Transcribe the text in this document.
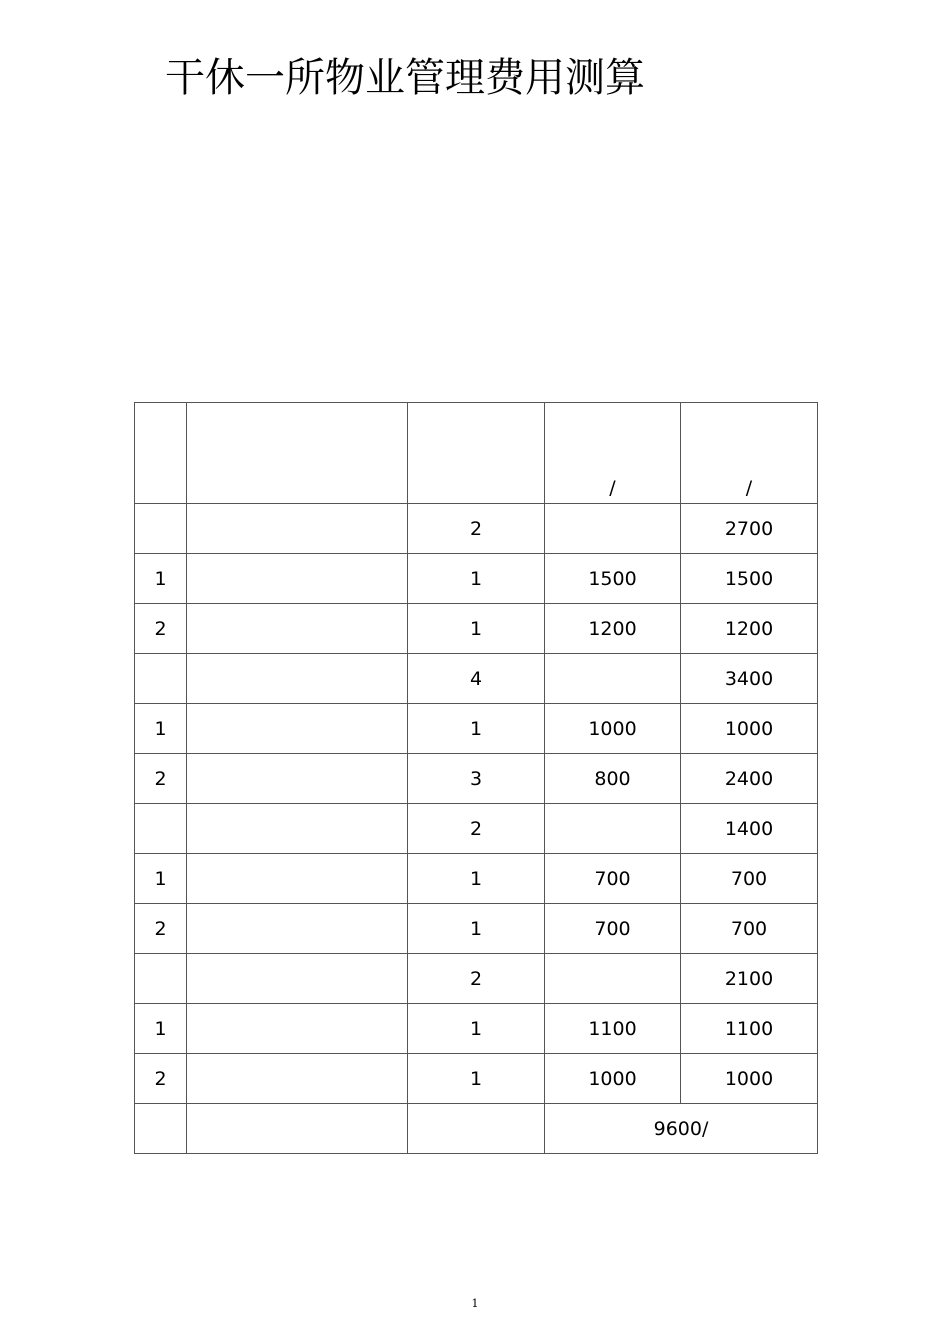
干休一所物业管理费用测算
			/	/
		2		2700
1		1	1500	1500
2		1	1200	1200
		4		3400
1		1	1000	1000
2		3	800	2400
		2		1400
1		1	700	700
2		1	700	700
		2		2100
1		1	1100	1100
2		1	1000	1000
			9600/	
1
